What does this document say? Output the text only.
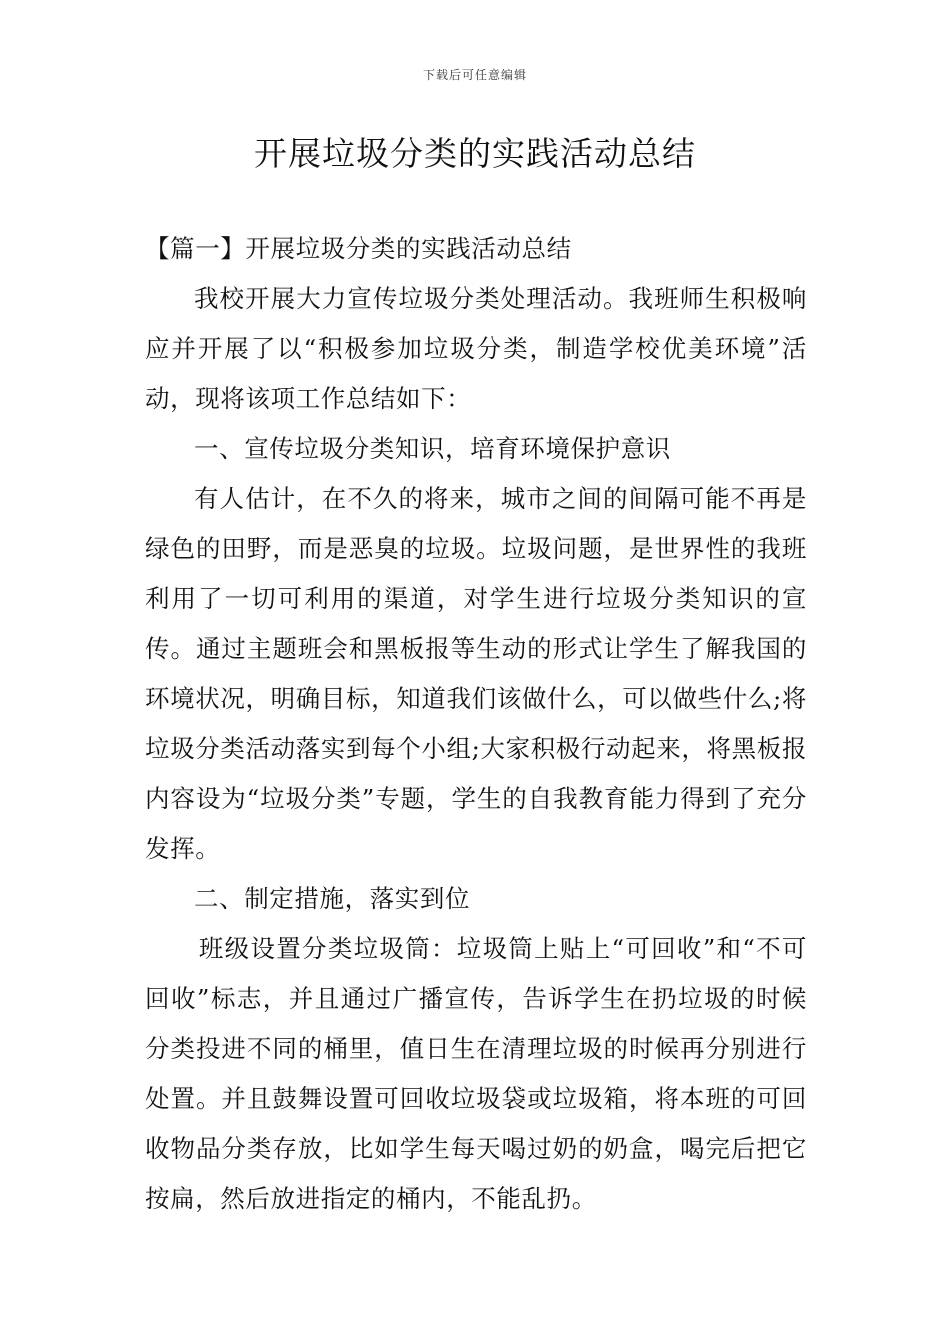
下载后可任意编辑
开展垃圾分类的实践活动总结

【篇一】开展垃圾分类的实践活动总结

我校开展大力宣传垃圾分类处理活动。我班师生积极响应并开展了以“积极参加垃圾分类，制造学校优美环境”活动，现将该项工作总结如下：

一、宣传垃圾分类知识，培育环境保护意识

有人估计，在不久的将来，城市之间的间隔可能不再是绿色的田野，而是恶臭的垃圾。垃圾问题，是世界性的我班利用了一切可利用的渠道，对学生进行垃圾分类知识的宣传。通过主题班会和黑板报等生动的形式让学生了解我国的环境状况，明确目标，知道我们该做什么，可以做些什么;将垃圾分类活动落实到每个小组;大家积极行动起来，将黑板报内容设为“垃圾分类”专题，学生的自我教育能力得到了充分发挥。

二、制定措施，落实到位

班级设置分类垃圾筒：垃圾筒上贴上“可回收”和“不可回收”标志，并且通过广播宣传，告诉学生在扔垃圾的时候分类投进不同的桶里，值日生在清理垃圾的时候再分别进行处置。并且鼓舞设置可回收垃圾袋或垃圾箱，将本班的可回收物品分类存放，比如学生每天喝过奶的奶盒，喝完后把它按扁，然后放进指定的桶内，不能乱扔。
